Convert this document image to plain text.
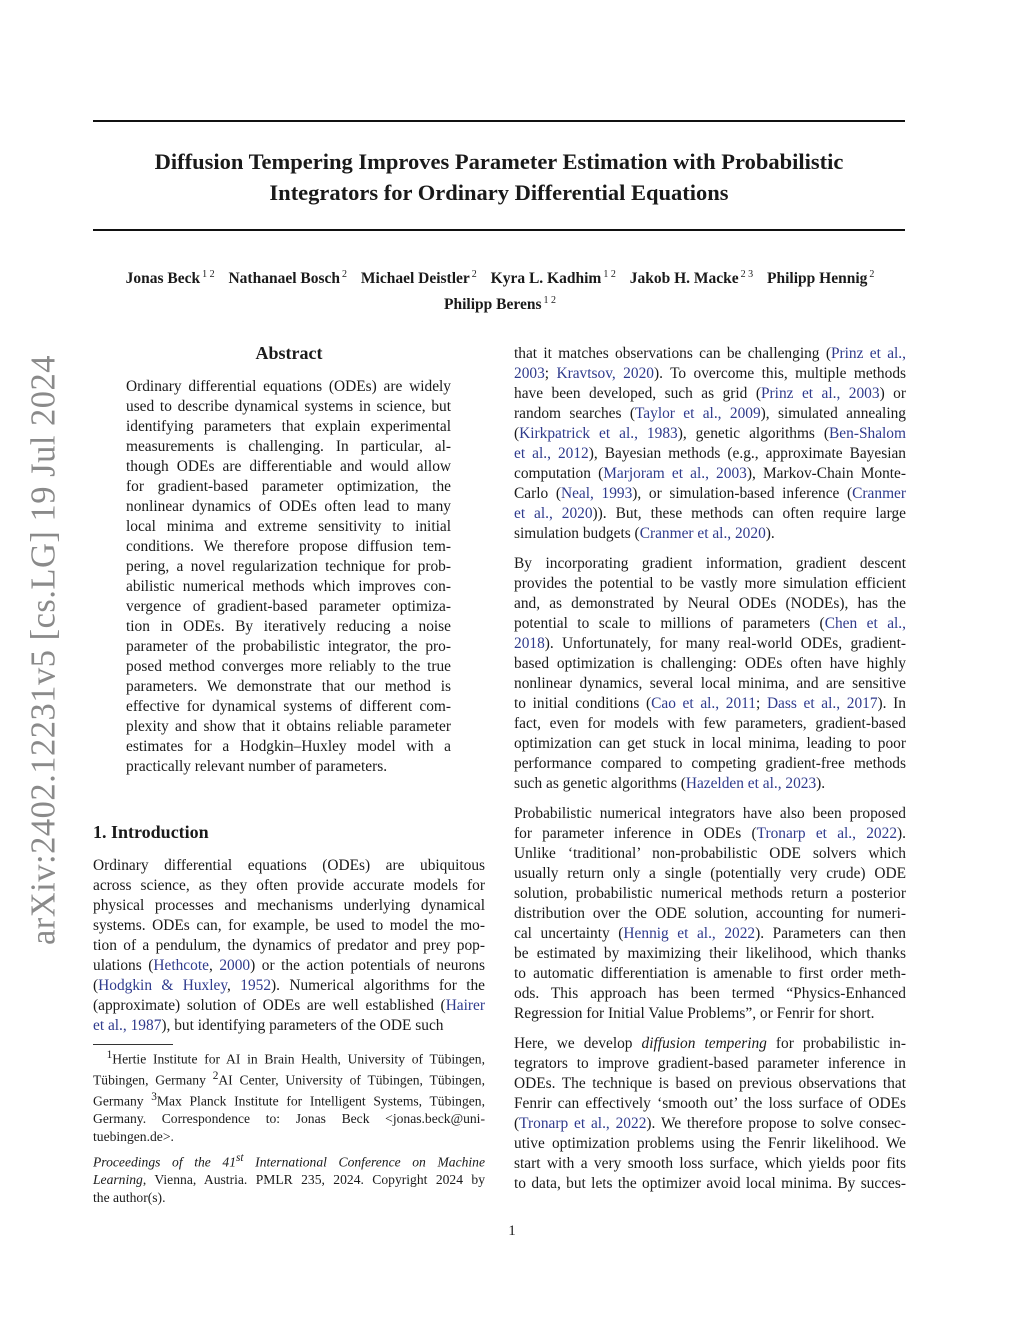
arXiv:2402.12231v5 [cs.LG] 19 Jul 2024
Diffusion Tempering Improves Parameter Estimation with Probabilistic
Integrators for Ordinary Differential Equations
Jonas Beck $^{1 2}$ Nathanael Bosch $^2$ Michael Deistler $^2$ Kyra L. Kadhim $^{1 2}$ Jakob H. Macke $^{2 3}$ Philipp Hennig $^2$
Philipp Berens $^{1 2}$
Abstract
Ordinary differential equations (ODEs) are widely
used to describe dynamical systems in science, but
identifying parameters that explain experimental
measurements is challenging. In particular, al-
though ODEs are differentiable and would allow
for gradient-based parameter optimization, the
nonlinear dynamics of ODEs often lead to many
local minima and extreme sensitivity to initial
conditions. We therefore propose diffusion tem-
pering, a novel regularization technique for prob-
abilistic numerical methods which improves con-
vergence of gradient-based parameter optimiza-
tion in ODEs. By iteratively reducing a noise
parameter of the probabilistic integrator, the pro-
posed method converges more reliably to the true
parameters. We demonstrate that our method is
effective for dynamical systems of different com-
plexity and show that it obtains reliable parameter
estimates for a Hodgkin–Huxley model with a
practically relevant number of parameters.
1. Introduction
Ordinary differential equations (ODEs) are ubiquitous
across science, as they often provide accurate models for
physical processes and mechanisms underlying dynamical
systems. ODEs can, for example, be used to model the mo-
tion of a pendulum, the dynamics of predator and prey pop-
ulations (Hethcote, 2000) or the action potentials of neurons
(Hodgkin & Huxley, 1952). Numerical algorithms for the
(approximate) solution of ODEs are well established (Hairer
et al., 1987), but identifying parameters of the ODE such
 $^1$Hertie Institute for AI in Brain Health, University of Tübingen,
Tübingen, Germany $^2$AI Center, University of Tübingen, Tübingen,
Germany $^3$Max Planck Institute for Intelligent Systems, Tübingen,
Germany. Correspondence to: Jonas Beck <jonas.beck@uni-
tuebingen.de>.
Proceedings of the 41st International Conference on Machine
Learning, Vienna, Austria. PMLR 235, 2024. Copyright 2024 by
the author(s).
that it matches observations can be challenging (Prinz et al.,
2003; Kravtsov, 2020). To overcome this, multiple methods
have been developed, such as grid (Prinz et al., 2003) or
random searches (Taylor et al., 2009), simulated annealing
(Kirkpatrick et al., 1983), genetic algorithms (Ben-Shalom
et al., 2012), Bayesian methods (e.g., approximate Bayesian
computation (Marjoram et al., 2003), Markov-Chain Monte-
Carlo (Neal, 1993), or simulation-based inference (Cranmer
et al., 2020)). But, these methods can often require large
simulation budgets (Cranmer et al., 2020).
By incorporating gradient information, gradient descent
provides the potential to be vastly more simulation efficient
and, as demonstrated by Neural ODEs (NODEs), has the
potential to scale to millions of parameters (Chen et al.,
2018). Unfortunately, for many real-world ODEs, gradient-
based optimization is challenging: ODEs often have highly
nonlinear dynamics, several local minima, and are sensitive
to initial conditions (Cao et al., 2011; Dass et al., 2017). In
fact, even for models with few parameters, gradient-based
optimization can get stuck in local minima, leading to poor
performance compared to competing gradient-free methods
such as genetic algorithms (Hazelden et al., 2023).
Probabilistic numerical integrators have also been proposed
for parameter inference in ODEs (Tronarp et al., 2022).
Unlike ‘traditional’ non-probabilistic ODE solvers which
usually return only a single (potentially very crude) ODE
solution, probabilistic numerical methods return a posterior
distribution over the ODE solution, accounting for numeri-
cal uncertainty (Hennig et al., 2022). Parameters can then
be estimated by maximizing their likelihood, which thanks
to automatic differentiation is amenable to first order meth-
ods. This approach has been termed “Physics-Enhanced
Regression for Initial Value Problems”, or Fenrir for short.
Here, we develop diffusion tempering for probabilistic in-
tegrators to improve gradient-based parameter inference in
ODEs. The technique is based on previous observations that
Fenrir can effectively ‘smooth out’ the loss surface of ODEs
(Tronarp et al., 2022). We therefore propose to solve consec-
utive optimization problems using the Fenrir likelihood. We
start with a very smooth loss surface, which yields poor fits
to data, but lets the optimizer avoid local minima. By succes-
1
